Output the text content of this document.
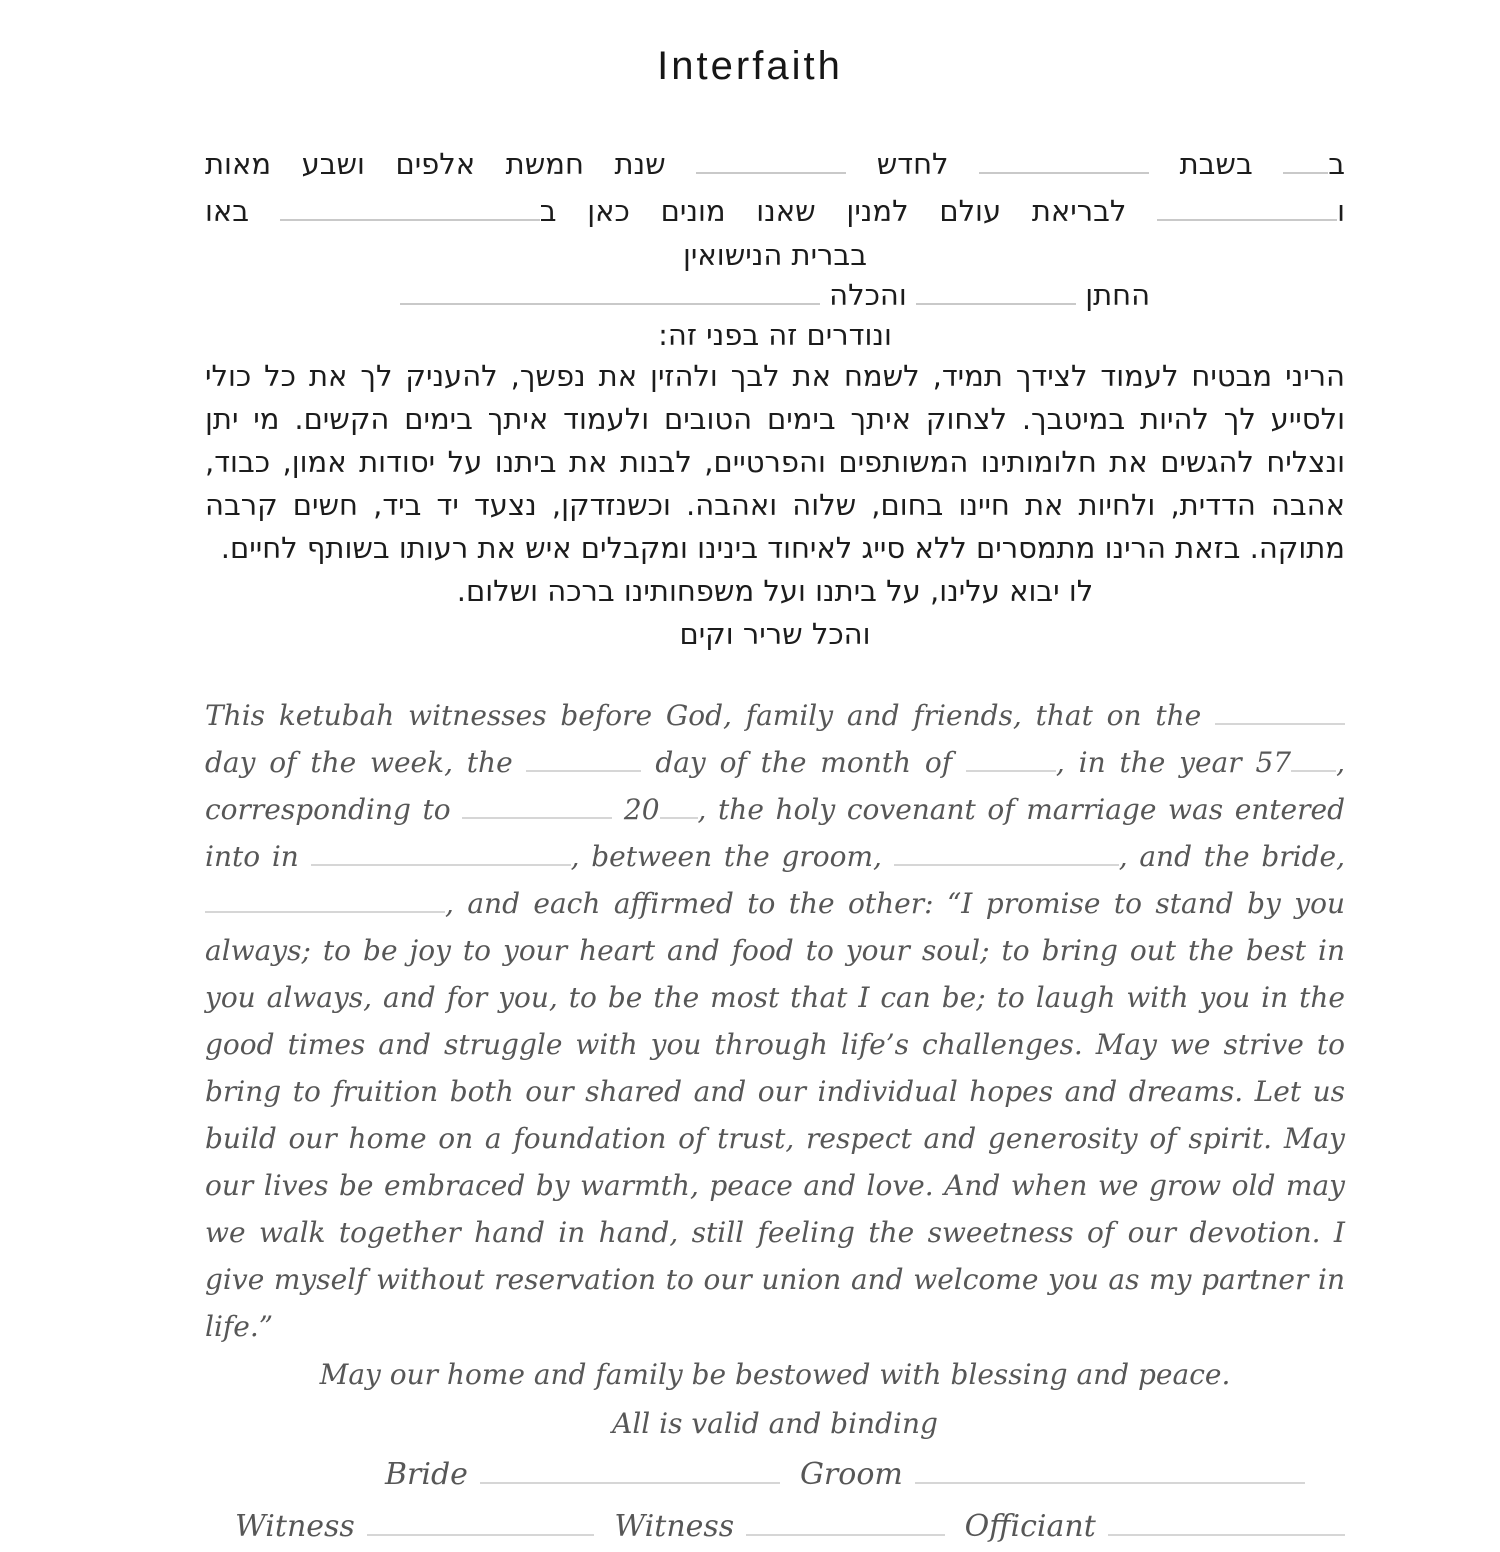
Interfaith
ב בשבת  לחדש  שנת חמשת אלפים ושבע מאות
ו לבריאת עולם למנין שאנו מונים כאן ב באו
בברית הנישואין
החתן  והכלה
ונודרים זה בפני זה:
הריני מבטיח לעמוד לצידך תמיד, לשמח את לבך ולהזין את נפשך, להעניק לך את כל כולי ולסייע לך להיות במיטבך. לצחוק איתך בימים הטובים ולעמוד איתך בימים הקשים. מי יתן ונצליח להגשים את חלומותינו המשותפים והפרטיים, לבנות את ביתנו על יסודות אמון, כבוד, אהבה הדדית, ולחיות את חיינו בחום, שלוה ואהבה. וכשנזדקן, נצעד יד ביד, חשים קרבה מתוקה. בזאת הרינו מתמסרים ללא סייג לאיחוד בינינו ומקבלים איש את רעותו בשותף לחיים.
לו יבוא עלינו, על ביתנו ועל משפחותינו ברכה ושלום.
והכל שריר וקים
This ketubah witnesses before God, family and friends, that on the  day of the week, the	day of the month of	, in the year 57 , corresponding to	20 , the holy covenant of marriage was entered into in	, between the groom,	, and the bride, , and each affirmed to the other: “I promise to stand by you always; to be joy to your heart and food to your soul; to bring out the best in you always, and for you, to be the most that I can be; to laugh with you in the good times and struggle with you through life’s challenges. May we strive to bring to fruition both our shared and our individual hopes and dreams. Let us build our home on a foundation of trust, respect and generosity of spirit. May our lives be embraced by warmth, peace and love. And when we grow old may we walk together hand in hand, still feeling the sweetness of our devotion. I give myself without reservation to our union and welcome you as my partner in life.”
May our home and family be bestowed with blessing and peace.
All is valid and binding
Bride	Groom
Witness	Witness	Officiant
